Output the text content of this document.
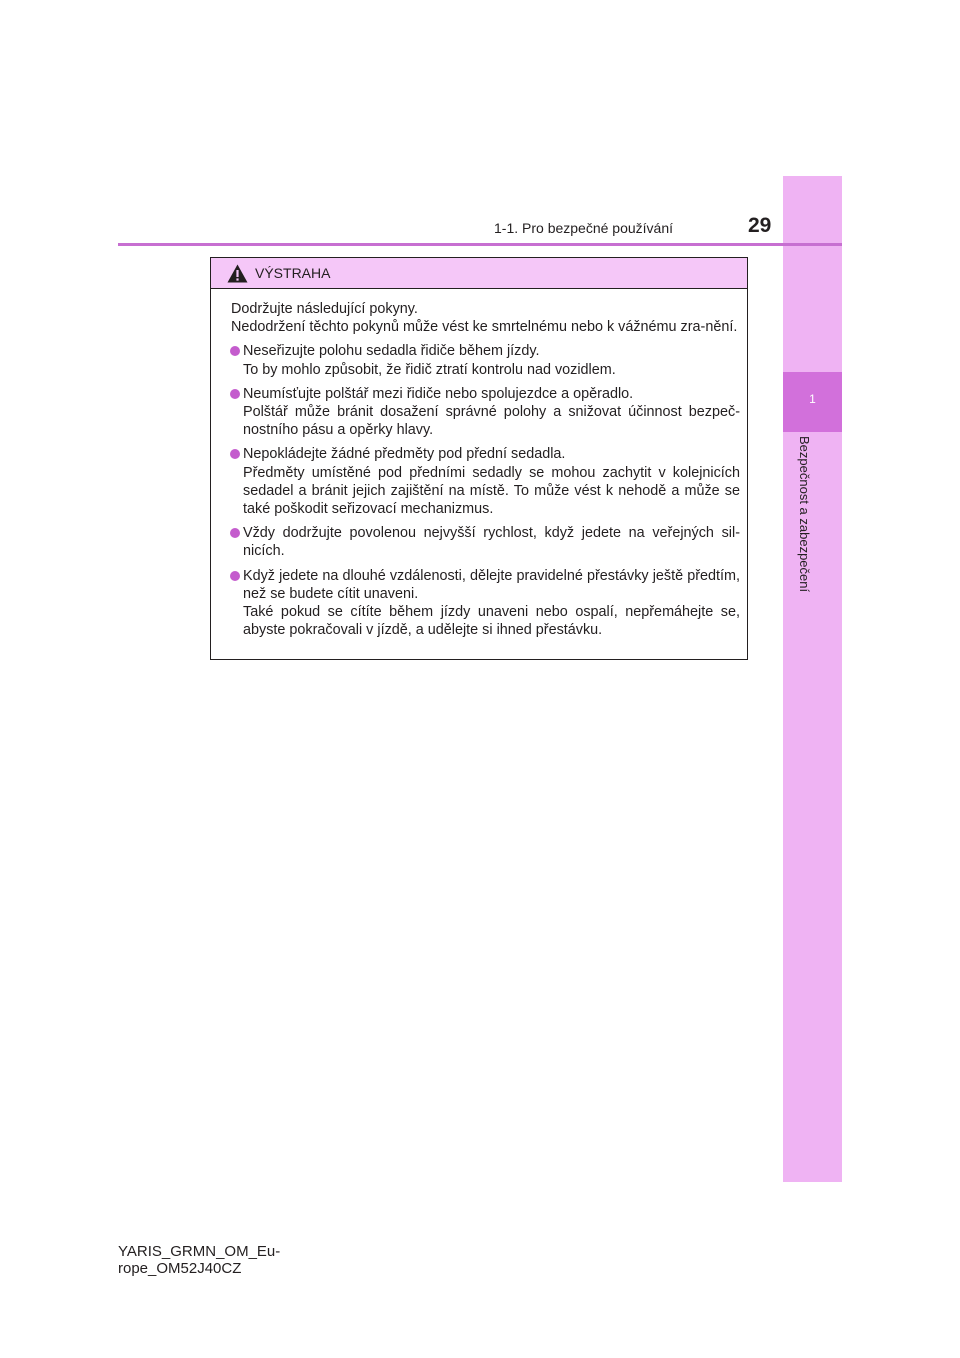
1
Bezpečnost a zabezpečení
1-1. Pro bezpečné používání	29
VÝSTRAHA

Dodržujte následující pokyny.
Nedodržení těchto pokynů může vést ke smrtelnému nebo k vážnému zra-nění.

Neseřizujte polohu sedadla řidiče během jízdy.
To by mohlo způsobit, že řidič ztratí kontrolu nad vozidlem.
Neumísťujte polštář mezi řidiče nebo spolujezdce a opěradlo.
Polštář může bránit dosažení správné polohy a snižovat účinnost bezpeč-nostního pásu a opěrky hlavy.
Nepokládejte žádné předměty pod přední sedadla.
Předměty umístěné pod předními sedadly se mohou zachytit v kolejnicích sedadel a bránit jejich zajištění na místě. To může vést k nehodě a může se také poškodit seřizovací mechanizmus.
Vždy dodržujte povolenou nejvyšší rychlost, když jedete na veřejných sil-nicích.
Když jedete na dlouhé vzdálenosti, dělejte pravidelné přestávky ještě předtím, než se budete cítit unaveni.
Také pokud se cítíte během jízdy unaveni nebo ospalí, nepřemáhejte se, abyste pokračovali v jízdě, a udělejte si ihned přestávku.
YARIS_GRMN_OM_Eu-
rope_OM52J40CZ
